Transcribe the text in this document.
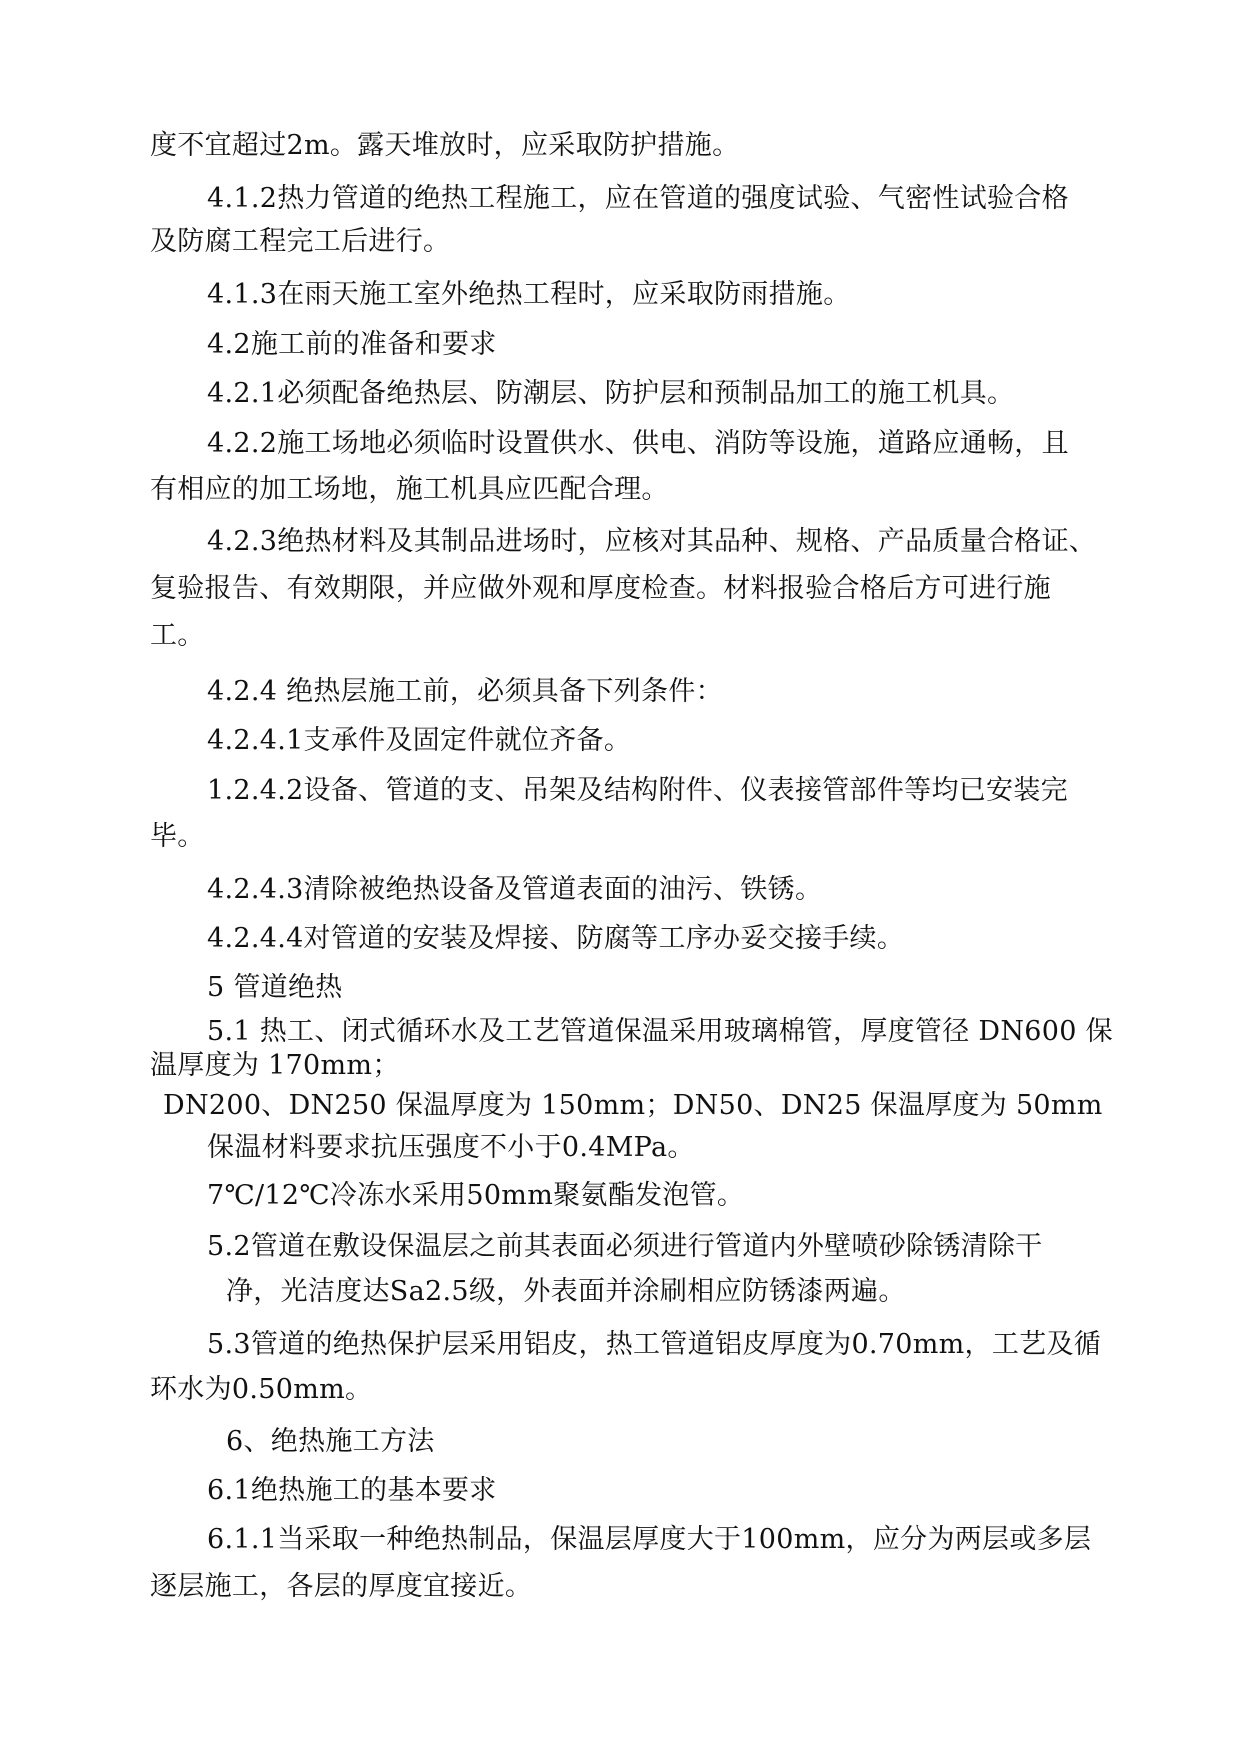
度不宜超过2m。露天堆放时，应采取防护措施。
4.1.2热力管道的绝热工程施工，应在管道的强度试验、气密性试验合格
及防腐工程完工后进行。
4.1.3在雨天施工室外绝热工程时，应采取防雨措施。
4.2施工前的准备和要求
4.2.1必须配备绝热层、防潮层、防护层和预制品加工的施工机具。
4.2.2施工场地必须临时设置供水、供电、消防等设施，道路应通畅，且
有相应的加工场地，施工机具应匹配合理。
4.2.3绝热材料及其制品进场时，应核对其品种、规格、产品质量合格证、
复验报告、有效期限，并应做外观和厚度检查。材料报验合格后方可进行施
工。
4.2.4 绝热层施工前，必须具备下列条件：
4.2.4.1支承件及固定件就位齐备。
1.2.4.2设备、管道的支、吊架及结构附件、仪表接管部件等均已安装完
毕。
4.2.4.3清除被绝热设备及管道表面的油污、铁锈。
4.2.4.4对管道的安装及焊接、防腐等工序办妥交接手续。
5 管道绝热
5.1 热工、闭式循环水及工艺管道保温采用玻璃棉管，厚度管径 DN600 保
温厚度为 170mm；
DN200、DN250 保温厚度为 150mm；DN50、DN25 保温厚度为 50mm
保温材料要求抗压强度不小于0.4MPa。
7℃/12℃冷冻水采用50mm聚氨酯发泡管。
5.2管道在敷设保温层之前其表面必须进行管道内外壁喷砂除锈清除干
净，光洁度达Sa2.5级，外表面并涂刷相应防锈漆两遍。
5.3管道的绝热保护层采用铝皮，热工管道铝皮厚度为0.70mm，工艺及循
环水为0.50mm。
6、绝热施工方法
6.1绝热施工的基本要求
6.1.1当采取一种绝热制品，保温层厚度大于100mm，应分为两层或多层
逐层施工，各层的厚度宜接近。
